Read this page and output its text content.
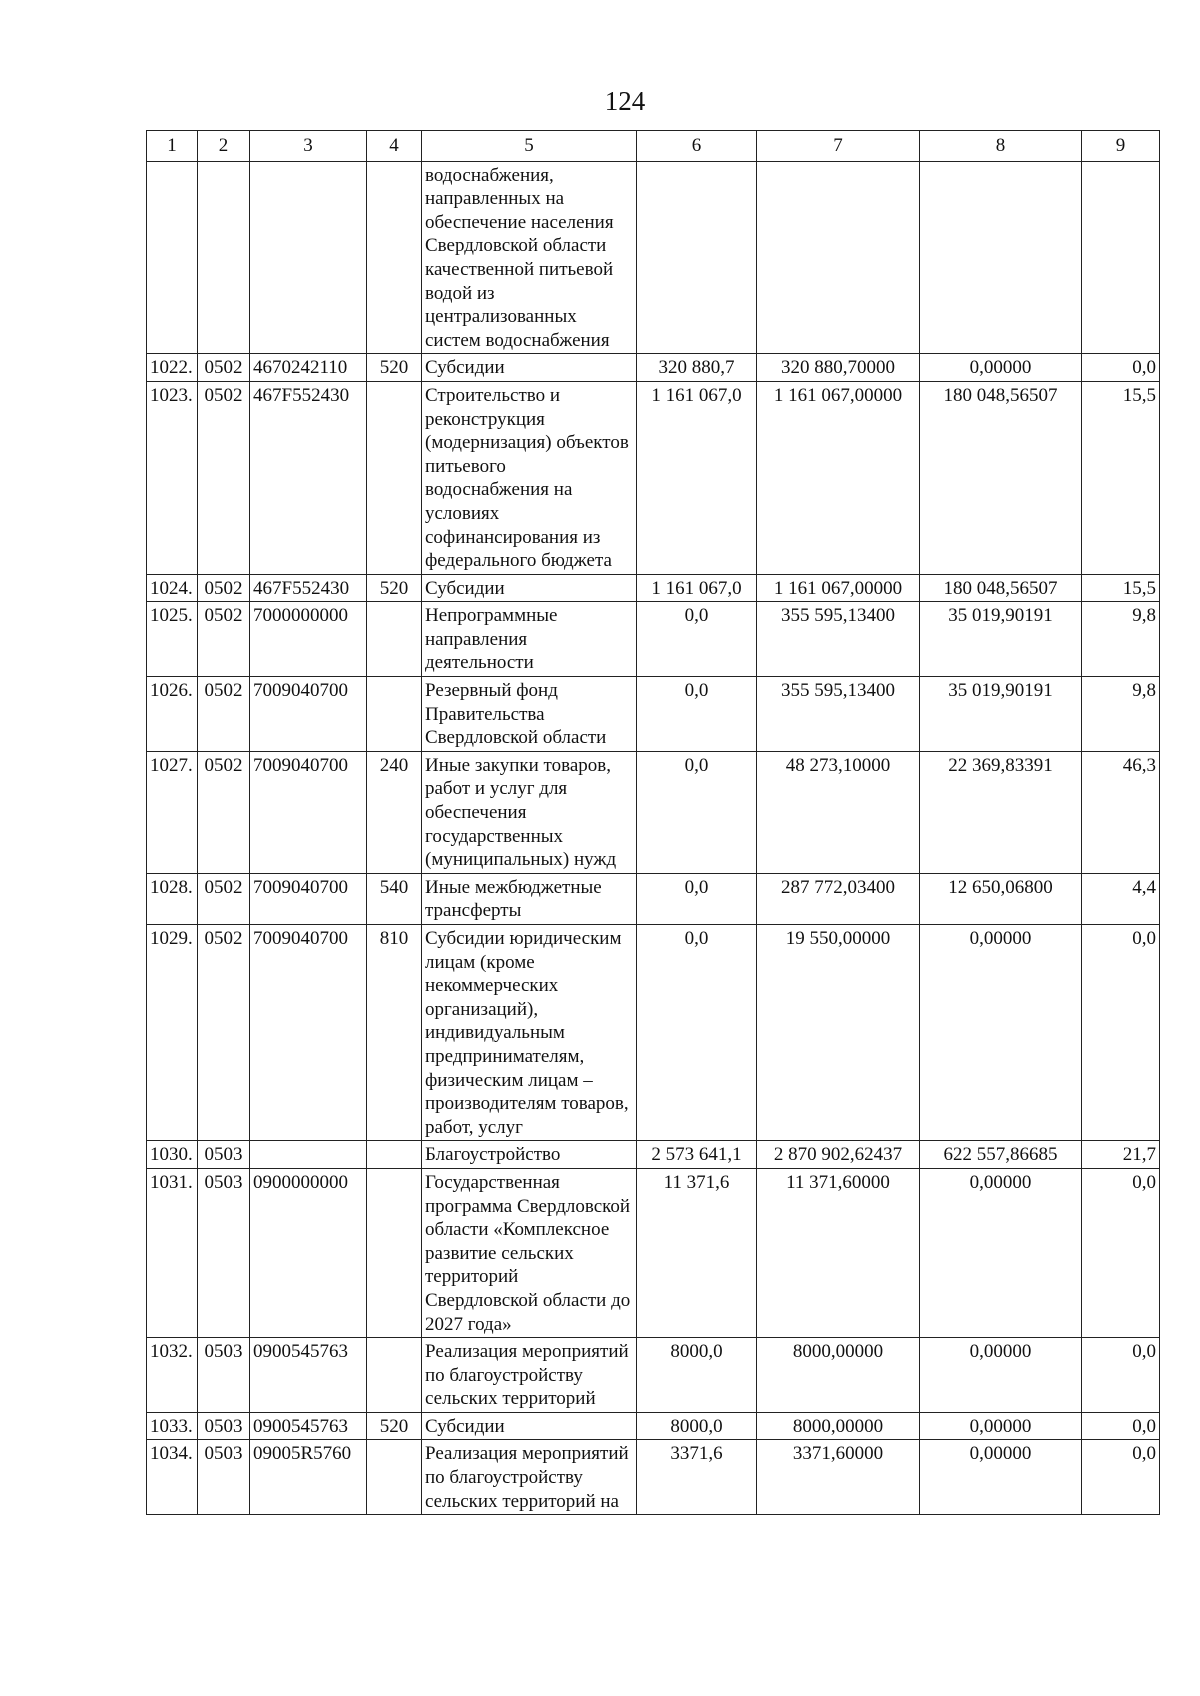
124
1	2	3	4	5	6	7	8	9
				водоснабжения, направленных на обеспечение населения Свердловской области качественной питьевой водой из централизованных систем водоснабжения				
1022.	0502	4670242110	520	Субсидии	320 880,7	320 880,70000	0,00000	0,0
1023.	0502	467F552430		Строительство и реконструкция (модернизация) объектов питьевого водоснабжения на условиях софинансирования из федерального бюджета	1 161 067,0	1 161 067,00000	180 048,56507	15,5
1024.	0502	467F552430	520	Субсидии	1 161 067,0	1 161 067,00000	180 048,56507	15,5
1025.	0502	7000000000		Непрограммные направления деятельности	0,0	355 595,13400	35 019,90191	9,8
1026.	0502	7009040700		Резервный фонд Правительства Свердловской области	0,0	355 595,13400	35 019,90191	9,8
1027.	0502	7009040700	240	Иные закупки товаров, работ и услуг для обеспечения государственных (муниципальных) нужд	0,0	48 273,10000	22 369,83391	46,3
1028.	0502	7009040700	540	Иные межбюджетные трансферты	0,0	287 772,03400	12 650,06800	4,4
1029.	0502	7009040700	810	Субсидии юридическим лицам (кроме некоммерческих организаций), индивидуальным предпринимателям, физическим лицам – производителям товаров, работ, услуг	0,0	19 550,00000	0,00000	0,0
1030.	0503			Благоустройство	2 573 641,1	2 870 902,62437	622 557,86685	21,7
1031.	0503	0900000000		Государственная программа Свердловской области «Комплексное развитие сельских территорий Свердловской области до 2027 года»	11 371,6	11 371,60000	0,00000	0,0
1032.	0503	0900545763		Реализация мероприятий по благоустройству сельских территорий	8000,0	8000,00000	0,00000	0,0
1033.	0503	0900545763	520	Субсидии	8000,0	8000,00000	0,00000	0,0
1034.	0503	09005R5760		Реализация мероприятий по благоустройству сельских территорий на	3371,6	3371,60000	0,00000	0,0
